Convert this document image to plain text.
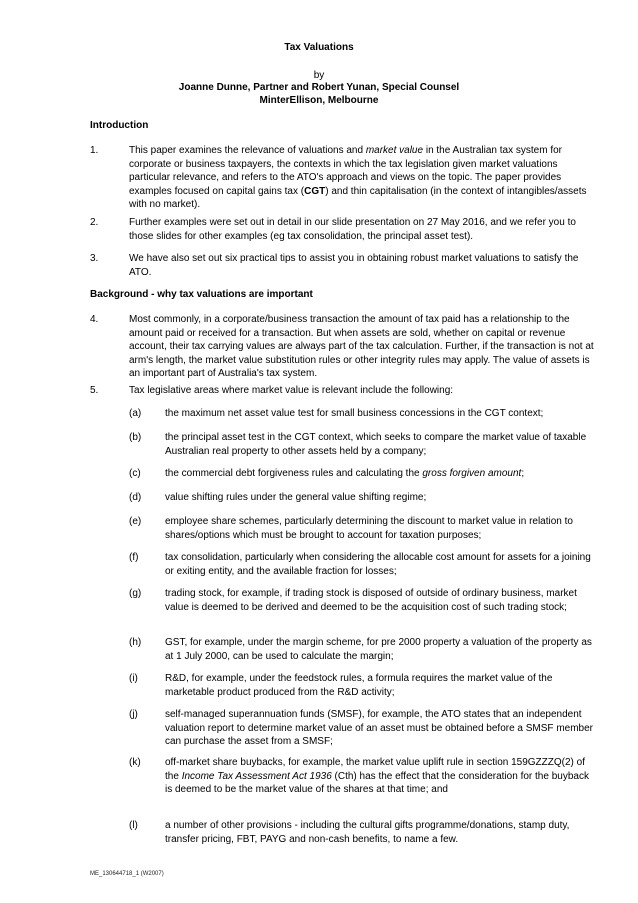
Tax Valuations
by
Joanne Dunne, Partner and Robert Yunan, Special Counsel
MinterEllison, Melbourne
Introduction
1.	This paper examines the relevance of valuations and market value in the Australian tax system for corporate or business taxpayers, the contexts in which the tax legislation given market valuations particular relevance, and refers to the ATO's approach and views on the topic. The paper provides examples focused on capital gains tax (CGT) and thin capitalisation (in the context of intangibles/assets with no market).
2.	Further examples were set out in detail in our slide presentation on 27 May 2016, and we refer you to those slides for other examples (eg tax consolidation, the principal asset test).
3.	We have also set out six practical tips to assist you in obtaining robust market valuations to satisfy the ATO.
Background - why tax valuations are important
4.	Most commonly, in a corporate/business transaction the amount of tax paid has a relationship to the amount paid or received for a transaction. But when assets are sold, whether on capital or revenue account, their tax carrying values are always part of the tax calculation. Further, if the transaction is not at arm's length, the market value substitution rules or other integrity rules may apply. The value of assets is an important part of Australia's tax system.
5.	Tax legislative areas where market value is relevant include the following:
(a) the maximum net asset value test for small business concessions in the CGT context;
(b) the principal asset test in the CGT context, which seeks to compare the market value of taxable Australian real property to other assets held by a company;
(c) the commercial debt forgiveness rules and calculating the gross forgiven amount;
(d) value shifting rules under the general value shifting regime;
(e) employee share schemes, particularly determining the discount to market value in relation to shares/options which must be brought to account for taxation purposes;
(f)	tax consolidation, particularly when considering the allocable cost amount for assets for a joining or exiting entity, and the available fraction for losses;
(g) trading stock, for example, if trading stock is disposed of outside of ordinary business, market value is deemed to be derived and deemed to be the acquisition cost of such trading stock;
(h) GST, for example, under the margin scheme, for pre 2000 property a valuation of the property as at 1 July 2000, can be used to calculate the margin;
(i)	R&D, for example, under the feedstock rules, a formula requires the market value of the marketable product produced from the R&D activity;
(j)	self-managed superannuation funds (SMSF), for example, the ATO states that an independent valuation report to determine market value of an asset must be obtained before a SMSF member can purchase the asset from a SMSF;
(k) off-market share buybacks, for example, the market value uplift rule in section 159GZZZQ(2) of the Income Tax Assessment Act 1936 (Cth) has the effect that the consideration for the buyback is deemed to be the market value of the shares at that time; and
(l)	a number of other provisions - including the cultural gifts programme/donations, stamp duty, transfer pricing, FBT, PAYG and non-cash benefits, to name a few.
ME_130644718_1 (W2007)
